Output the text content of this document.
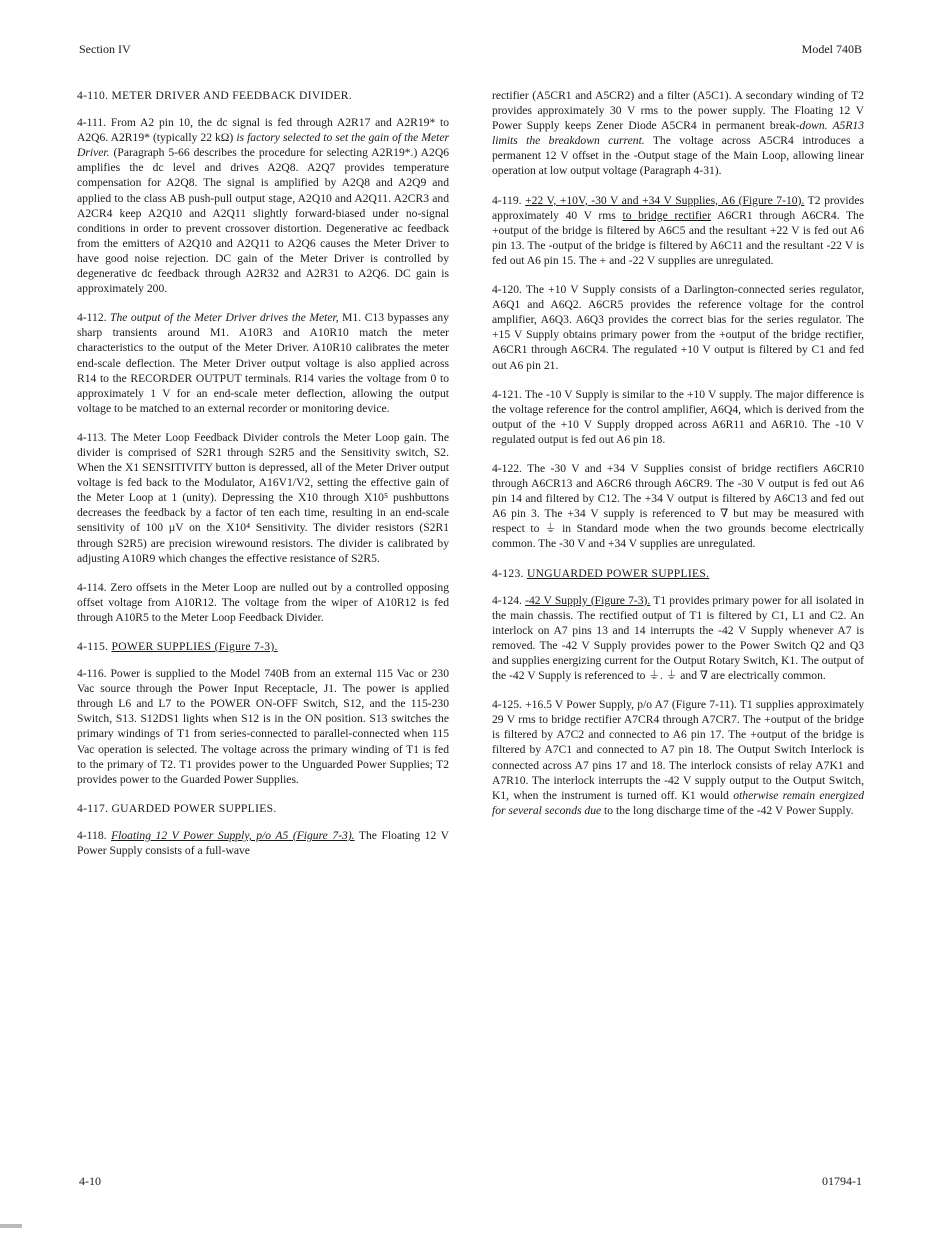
Section IV	Model 740B

4-110. METER DRIVER AND FEEDBACK DIVIDER.

4-111. From A2 pin 10, the dc signal is fed through A2R17 and A2R19* to A2Q6. A2R19* (typically 22 kΩ) is factory selected to set the gain of the Meter Driver. (Paragraph 5-66 describes the procedure for selecting A2R19*.) A2Q6 amplifies the dc level and drives A2Q8. A2Q7 provides temperature compensation for A2Q8. The signal is amplified by A2Q8 and A2Q9 and applied to the class AB push-pull output stage, A2Q10 and A2Q11. A2CR3 and A2CR4 keep A2Q10 and A2Q11 slightly forward-biased under no-signal conditions in order to prevent crossover distortion. Degenerative ac feedback from the emitters of A2Q10 and A2Q11 to A2Q6 causes the Meter Driver to have good noise rejection. DC gain of the Meter Driver is controlled by degenerative dc feedback through A2R32 and A2R31 to A2Q6. DC gain is approximately 200.

4-112. The output of the Meter Driver drives the Meter, M1. C13 bypasses any sharp transients around M1. A10R3 and A10R10 match the meter characteristics to the output of the Meter Driver. A10R10 calibrates the meter end-scale deflection. The Meter Driver output voltage is also applied across R14 to the RECORDER OUTPUT terminals. R14 varies the voltage from 0 to approximately 1 V for an end-scale meter deflection, allowing the output voltage to be matched to an external recorder or monitoring device.

4-113. The Meter Loop Feedback Divider controls the Meter Loop gain. The divider is comprised of S2R1 through S2R5 and the Sensitivity switch, S2. When the X1 SENSITIVITY button is depressed, all of the Meter Driver output voltage is fed back to the Modulator, A16V1/V2, setting the effective gain of the Meter Loop at 1 (unity). Depressing the X10 through X10⁵ pushbuttons decreases the feedback by a factor of ten each time, resulting in an end-scale sensitivity of 100 µV on the X10⁴ Sensitivity. The divider resistors (S2R1 through S2R5) are precision wirewound resistors. The divider is calibrated by adjusting A10R9 which changes the effective resistance of S2R5.

4-114. Zero offsets in the Meter Loop are nulled out by a controlled opposing offset voltage from A10R12. The voltage from the wiper of A10R12 is fed through A10R5 to the Meter Loop Feedback Divider.

4-115. POWER SUPPLIES (Figure 7-3).

4-116. Power is supplied to the Model 740B from an external 115 Vac or 230 Vac source through the Power Input Receptacle, J1. The power is applied through L6 and L7 to the POWER ON-OFF Switch, S12, and the 115-230 Switch, S13. S12DS1 lights when S12 is in the ON position. S13 switches the primary windings of T1 from series-connected to parallel-connected when 115 Vac operation is selected. The voltage across the primary winding of T1 is fed to the primary of T2. T1 provides power to the Unguarded Power Supplies; T2 provides power to the Guarded Power Supplies.

4-117. GUARDED POWER SUPPLIES.

4-118. Floating 12 V Power Supply, p/o A5 (Figure 7-3). The Floating 12 V Power Supply consists of a full-wave

rectifier (A5CR1 and A5CR2) and a filter (A5C1). A secondary winding of T2 provides approximately 30 V rms to the power supply. The Floating 12 V Power Supply keeps Zener Diode A5CR4 in permanent break-down. A5R13 limits the breakdown current. The voltage across A5CR4 introduces a permanent 12 V offset in the -Output stage of the Main Loop, allowing linear operation at low output voltage (Paragraph 4-31).

4-119. +22 V, +10V, -30 V and +34 V Supplies, A6 (Figure 7-10). T2 provides approximately 40 V rms to bridge rectifier A6CR1 through A6CR4. The +output of the bridge is filtered by A6C5 and the resultant +22 V is fed out A6 pin 13. The -output of the bridge is filtered by A6C11 and the resultant -22 V is fed out A6 pin 15. The + and -22 V supplies are unregulated.

4-120. The +10 V Supply consists of a Darlington-connected series regulator, A6Q1 and A6Q2. A6CR5 provides the reference voltage for the control amplifier, A6Q3. A6Q3 provides the correct bias for the series regulator. The +15 V Supply obtains primary power from the +output of the bridge rectifier, A6CR1 through A6CR4. The regulated +10 V output is filtered by C1 and fed out A6 pin 21.

4-121. The -10 V Supply is similar to the +10 V supply. The major difference is the voltage reference for the control amplifier, A6Q4, which is derived from the output of the +10 V Supply dropped across A6R11 and A6R10. The -10 V regulated output is fed out A6 pin 18.

4-122. The -30 V and +34 V Supplies consist of bridge rectifiers A6CR10 through A6CR13 and A6CR6 through A6CR9. The -30 V output is fed out A6 pin 14 and filtered by C12. The +34 V output is filtered by A6C13 and fed out A6 pin 3. The +34 V supply is referenced to ∇ but may be measured with respect to ⏚ in Standard mode when the two grounds become electrically common. The -30 V and +34 V supplies are unregulated.

4-123. UNGUARDED POWER SUPPLIES.

4-124. -42 V Supply (Figure 7-3). T1 provides primary power for all isolated in the main chassis. The rectified output of T1 is filtered by C1, L1 and C2. An interlock on A7 pins 13 and 14 interrupts the -42 V Supply whenever A7 is removed. The -42 V Supply provides power to the Power Switch Q2 and Q3 and supplies energizing current for the Output Rotary Switch, K1. The output of the -42 V Supply is referenced to ⏚. ⏚ and ∇ are electrically common.

4-125. +16.5 V Power Supply, p/o A7 (Figure 7-11). T1 supplies approximately 29 V rms to bridge rectifier A7CR4 through A7CR7. The +output of the bridge is filtered by A7C2 and connected to A6 pin 17. The +output of the bridge is filtered by A7C1 and connected to A7 pin 18. The Output Switch Interlock is connected across A7 pins 17 and 18. The interlock consists of relay A7K1 and A7R10. The interlock interrupts the -42 V supply output to the Output Switch, K1, when the instrument is turned off. K1 would otherwise remain energized for several seconds due to the long discharge time of the -42 V Power Supply.

4-10	01794-1
